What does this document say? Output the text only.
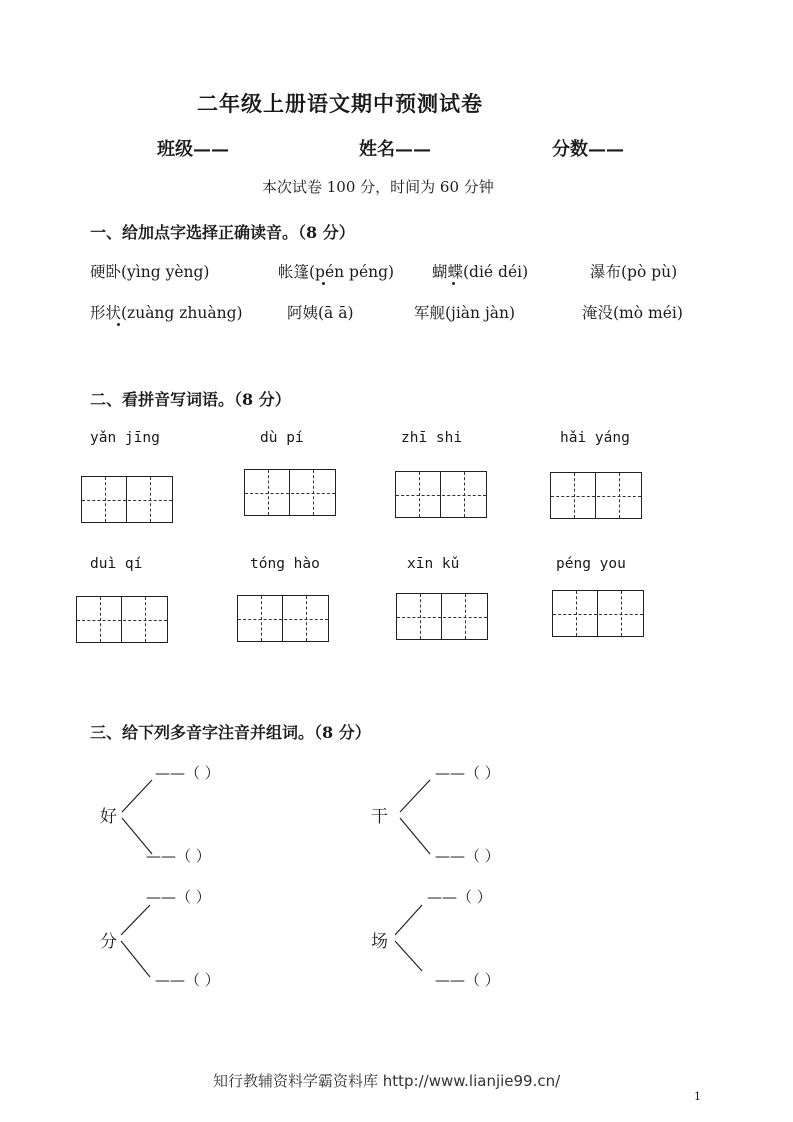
二年级上册语文期中预测试卷
班级——	姓名——	分数——
本次试卷 100 分，时间为 60 分钟
一、给加点字选择正确读音。（8 分）
硬卧(yìng yèng)	帐篷(pén péng) 蝴蝶(dié déi)	瀑布(pò pù)
形状(zuàng zhuàng)	阿姨(ā ā)	军舰(jiàn jàn)	淹没(mò méi)
二、看拼音写词语。（8 分）
yǎn jīng	dù pí	zhī shi	hǎi yáng
duì qí	tóng hào	xīn kǔ	péng you
三、给下列多音字注音并组词。（8 分）
好
——（ ）
——（ ）
干
——（ ）
——（ ）
分
——（ ）
——（ ）
场
——（ ）
——（ ）
知行教辅资料学霸资料库 http://www.lianjie99.cn/
1
